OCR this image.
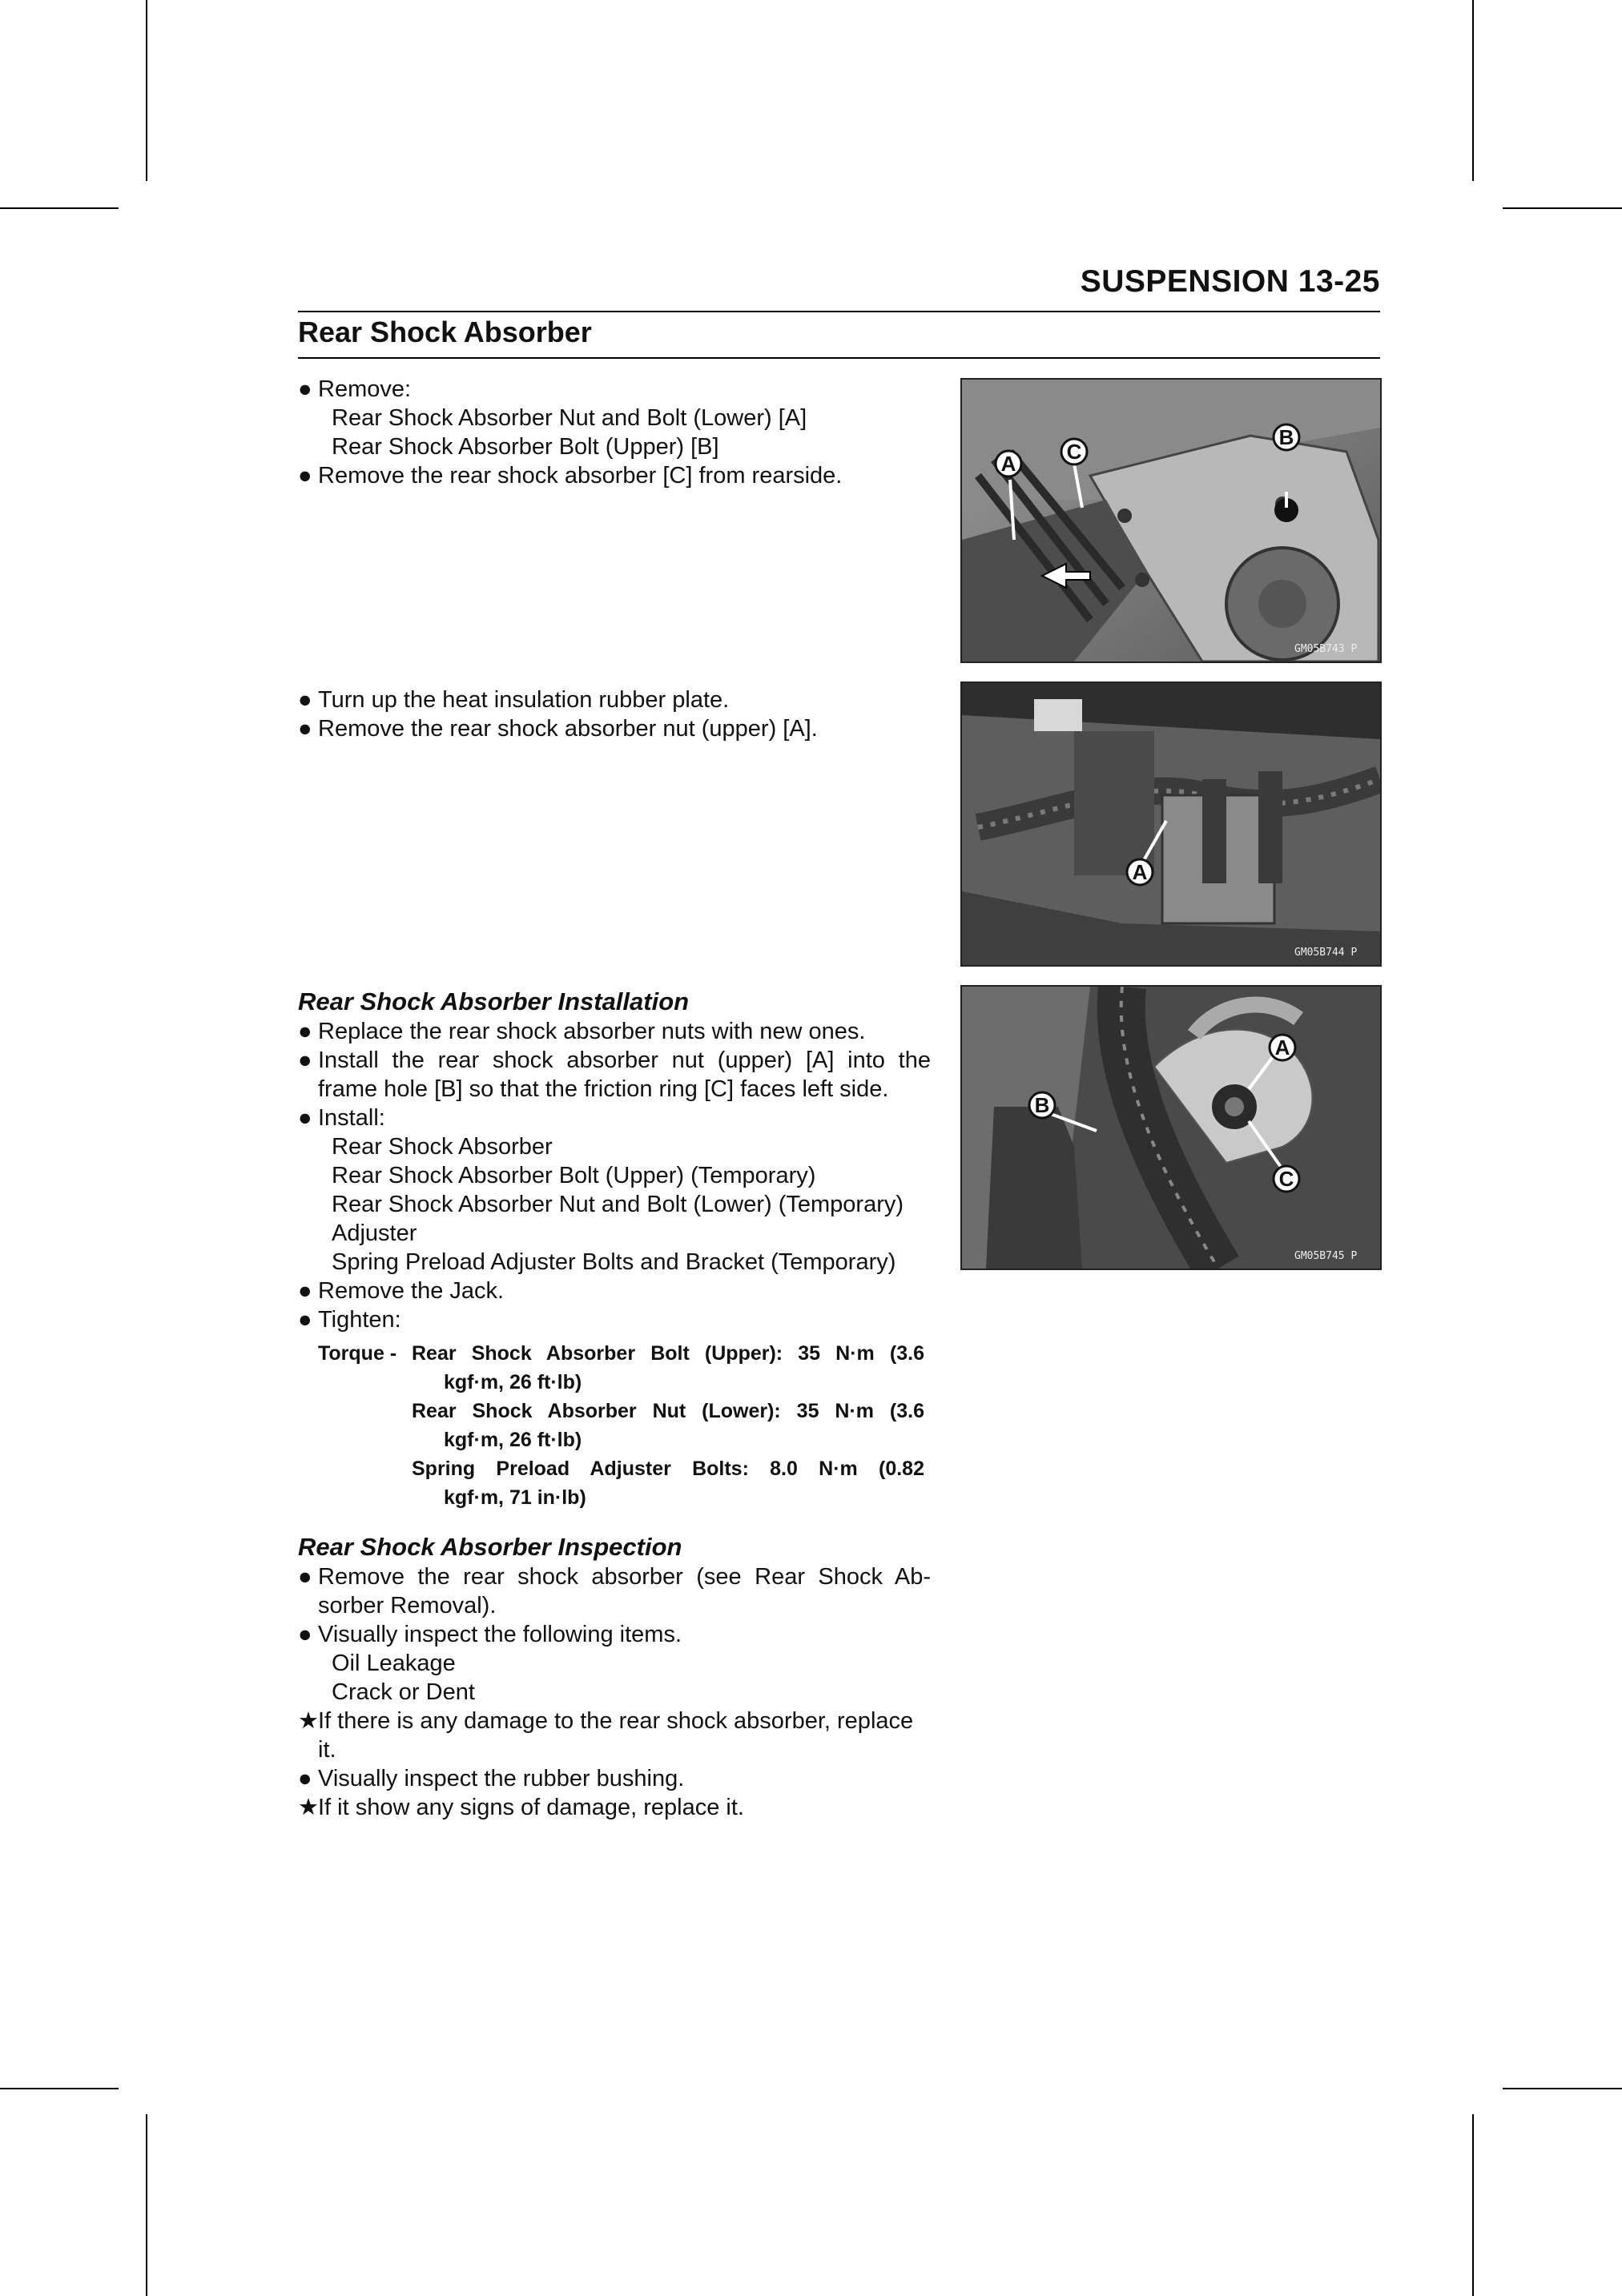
SUSPENSION 13-25
Rear Shock Absorber
● Remove:
Rear Shock Absorber Nut and Bolt (Lower) [A]
Rear Shock Absorber Bolt (Upper) [B]
● Remove the rear shock absorber [C] from rearside.
● Turn up the heat insulation rubber plate.
● Remove the rear shock absorber nut (upper) [A].
Rear Shock Absorber Installation
● Replace the rear shock absorber nuts with new ones.
● Install the rear shock absorber nut (upper) [A] into the
frame hole [B] so that the friction ring [C] faces left side.
● Install:
Rear Shock Absorber
Rear Shock Absorber Bolt (Upper) (Temporary)
Rear Shock Absorber Nut and Bolt (Lower) (Temporary)
Adjuster
Spring Preload Adjuster Bolts and Bracket (Temporary)
● Remove the Jack.
● Tighten:
Torque - Rear Shock Absorber Bolt (Upper): 35 N·m (3.6
kgf·m, 26 ft·lb)
Rear Shock Absorber Nut (Lower): 35 N·m (3.6
kgf·m, 26 ft·lb)
Spring Preload Adjuster Bolts: 8.0 N·m (0.82
kgf·m, 71 in·lb)
Rear Shock Absorber Inspection
● Remove the rear shock absorber (see Rear Shock Ab-
sorber Removal).
● Visually inspect the following items.
Oil Leakage
Crack or Dent
★ If there is any damage to the rear shock absorber, replace
it.
● Visually inspect the rubber bushing.
★ If it show any signs of damage, replace it.
A C
B
GM05B743 P
A
GM05B744 P
A
B
C
GM05B745 P
